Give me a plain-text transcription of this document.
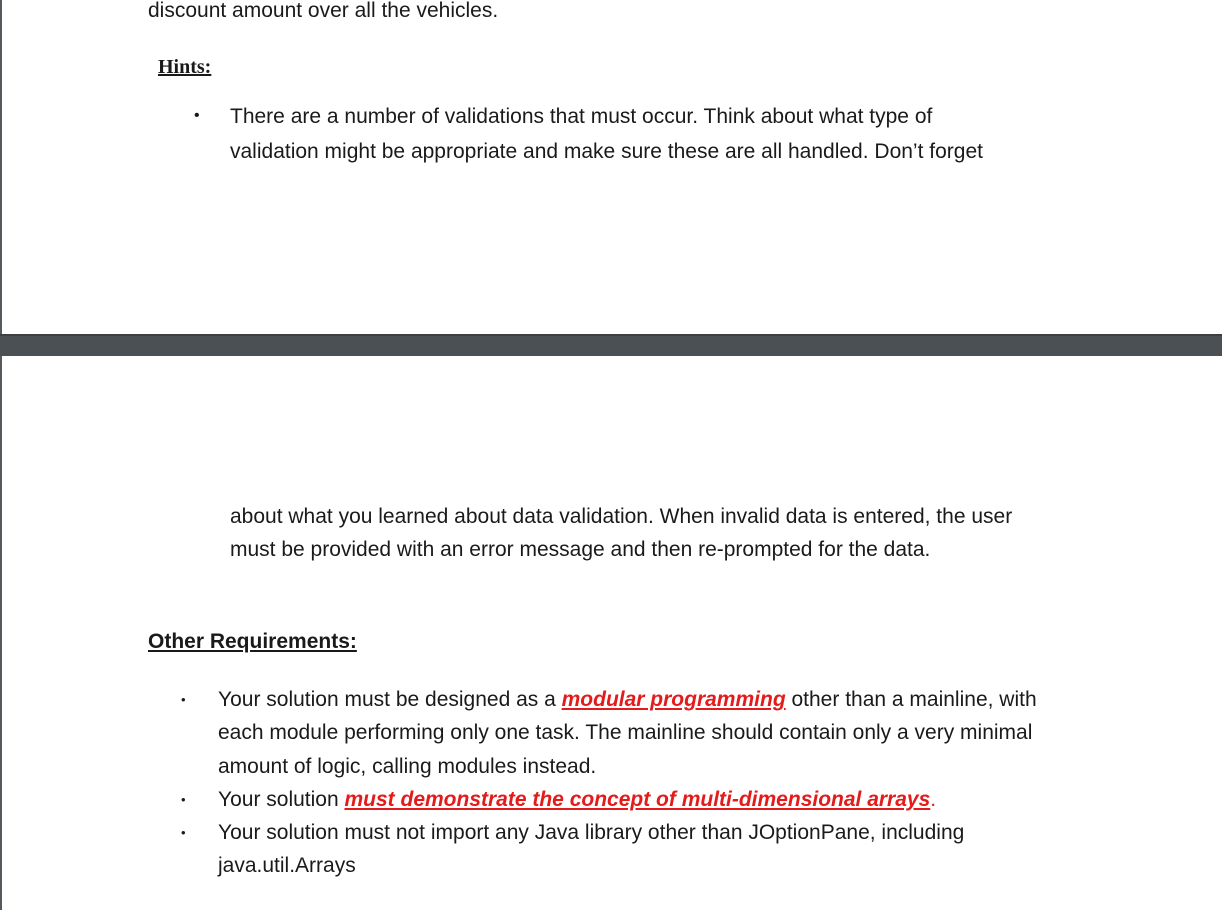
discount amount over all the vehicles.
Hints:
• There are a number of validations that must occur. Think about what type of
validation might be appropriate and make sure these are all handled. Don’t forget
about what you learned about data validation. When invalid data is entered, the user
must be provided with an error message and then re-prompted for the data.
Other Requirements:
• Your solution must be designed as a modular programming other than a mainline, with
each module performing only one task. The mainline should contain only a very minimal
amount of logic, calling modules instead.
• Your solution must demonstrate the concept of multi-dimensional arrays.
• Your solution must not import any Java library other than JOptionPane, including
java.util.Arrays
